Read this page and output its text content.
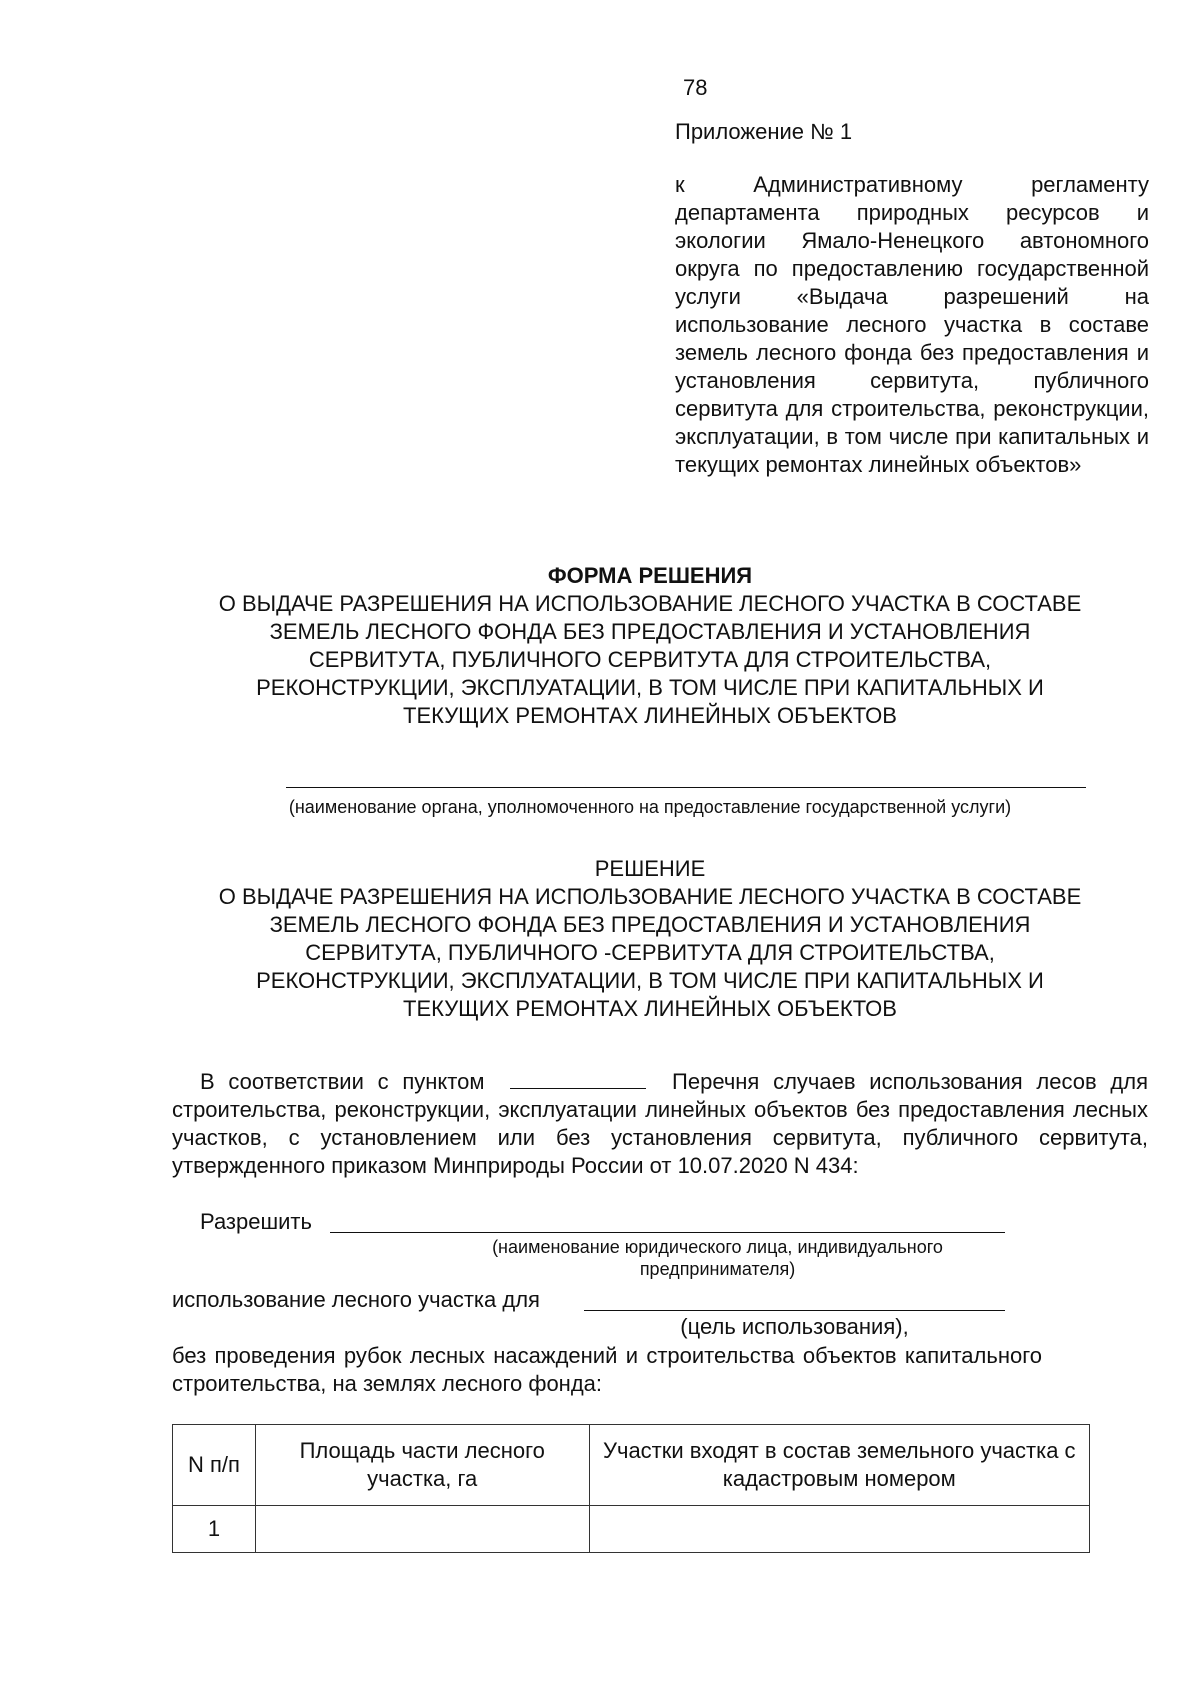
78
Приложение № 1
к Административному регламенту департамента природных ресурсов и экологии Ямало-Ненецкого автономного округа по предоставлению государственной услуги «Выдача разрешений на использование лесного участка в составе земель лесного фонда без предоставления и установления сервитута, публичного сервитута для строительства, реконструкции, эксплуатации, в том числе при капитальных и текущих ремонтах линейных объектов»
ФОРМА РЕШЕНИЯ
О ВЫДАЧЕ РАЗРЕШЕНИЯ НА ИСПОЛЬЗОВАНИЕ ЛЕСНОГО УЧАСТКА В СОСТАВЕ
ЗЕМЕЛЬ ЛЕСНОГО ФОНДА БЕЗ ПРЕДОСТАВЛЕНИЯ И УСТАНОВЛЕНИЯ
СЕРВИТУТА, ПУБЛИЧНОГО СЕРВИТУТА ДЛЯ СТРОИТЕЛЬСТВА,
РЕКОНСТРУКЦИИ, ЭКСПЛУАТАЦИИ, В ТОМ ЧИСЛЕ ПРИ КАПИТАЛЬНЫХ И
ТЕКУЩИХ РЕМОНТАХ ЛИНЕЙНЫХ ОБЪЕКТОВ
(наименование органа, уполномоченного на предоставление государственной услуги)
РЕШЕНИЕ
О ВЫДАЧЕ РАЗРЕШЕНИЯ НА ИСПОЛЬЗОВАНИЕ ЛЕСНОГО УЧАСТКА В СОСТАВЕ
ЗЕМЕЛЬ ЛЕСНОГО ФОНДА БЕЗ ПРЕДОСТАВЛЕНИЯ И УСТАНОВЛЕНИЯ
СЕРВИТУТА, ПУБЛИЧНОГО -СЕРВИТУТА ДЛЯ СТРОИТЕЛЬСТВА,
РЕКОНСТРУКЦИИ, ЭКСПЛУАТАЦИИ, В ТОМ ЧИСЛЕ ПРИ КАПИТАЛЬНЫХ И
ТЕКУЩИХ РЕМОНТАХ ЛИНЕЙНЫХ ОБЪЕКТОВ
В соответствии с пунктом	Перечня случаев использования лесов для строительства, реконструкции, эксплуатации линейных объектов без предоставления лесных участков, с установлением или без установления сервитута, публичного сервитута, утвержденного приказом Минприроды России от 10.07.2020 N 434:
Разрешить
(наименование юридического лица, индивидуального
предпринимателя)
использование лесного участка для
(цель использования),
без проведения рубок лесных насаждений и строительства объектов капитального строительства, на землях лесного фонда:
N п/п	Площадь части лесного участка, га	Участки входят в состав земельного участка с кадастровым номером
1		
